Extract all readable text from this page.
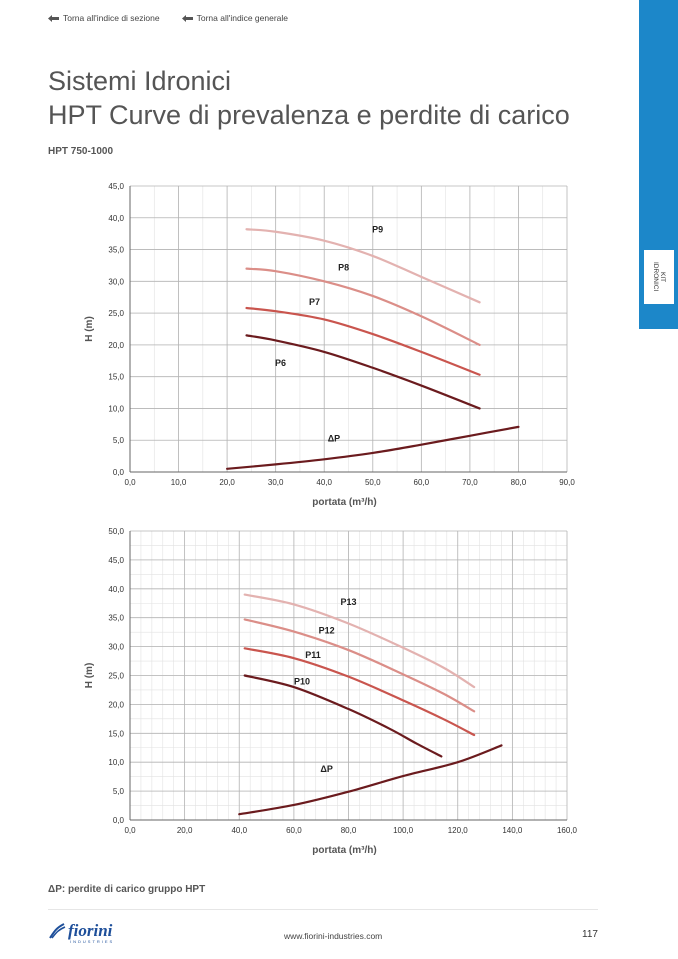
Torna all'indice di sezione	Torna all'indice generale
KIT
IDRONICI
Sistemi Idronici
HPT Curve di prevalenza e perdite di carico
HPT 750-1000
0,0	10,0	20,0	30,0	40,0	50,0	60,0	70,0	80,0	90,0
0,0
5,0
10,0
15,0
20,0
25,0
30,0
35,0
40,0
45,0
portata (m³/h)
H (m)
P9
P8
P7
P6
ΔP
0,0	20,0	40,0	60,0	80,0	100,0	120,0	140,0	160,0
0,0
5,0
10,0
15,0
20,0
25,0
30,0
35,0
40,0
45,0
50,0
portata (m³/h)
H (m)
P13
P12
P11
P10
ΔP
ΔP: perdite di carico gruppo HPT
fiorini
INDUSTRIES
www.fiorini-industries.com	117
